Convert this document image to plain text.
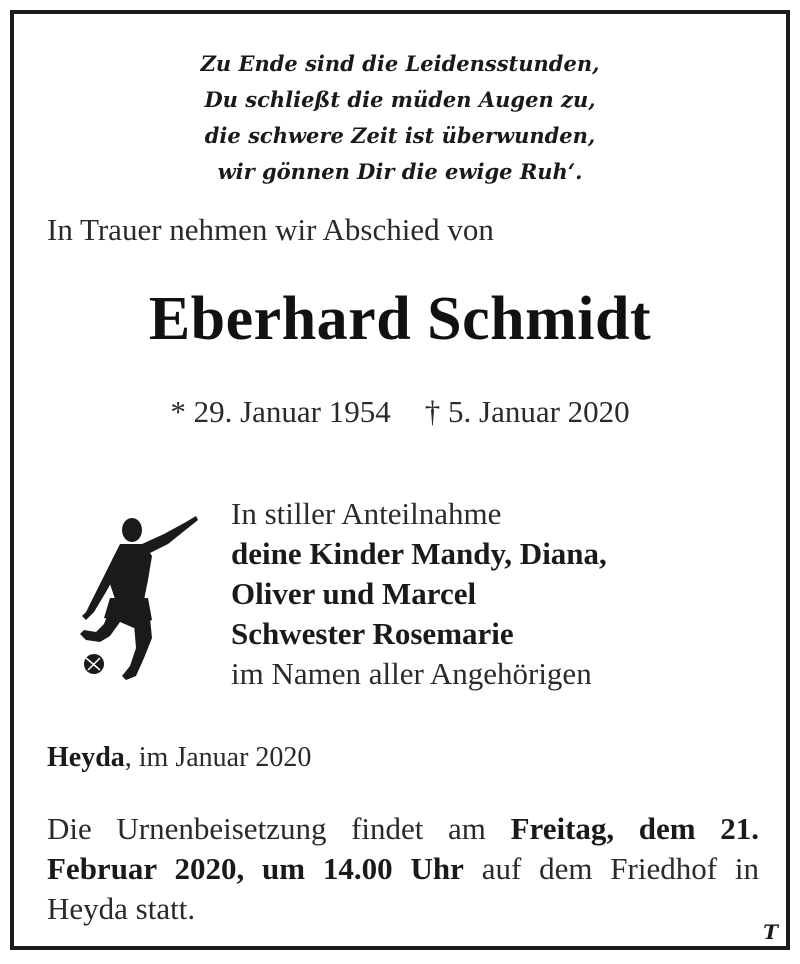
Zu Ende sind die Leidensstunden,
Du schließt die müden Augen zu,
die schwere Zeit ist überwunden,
wir gönnen Dir die ewige Ruh‘.
In Trauer nehmen wir Abschied von
Eberhard Schmidt
* 29. Januar 1954 † 5. Januar 2020
In stiller Anteilnahme
deine Kinder Mandy, Diana,
Oliver und Marcel
Schwester Rosemarie
im Namen aller Angehörigen
Heyda, im Januar 2020
Die Urnenbeisetzung findet am Freitag, dem 21. Februar 2020, um 14.00 Uhr auf dem Friedhof in Heyda statt.
T
